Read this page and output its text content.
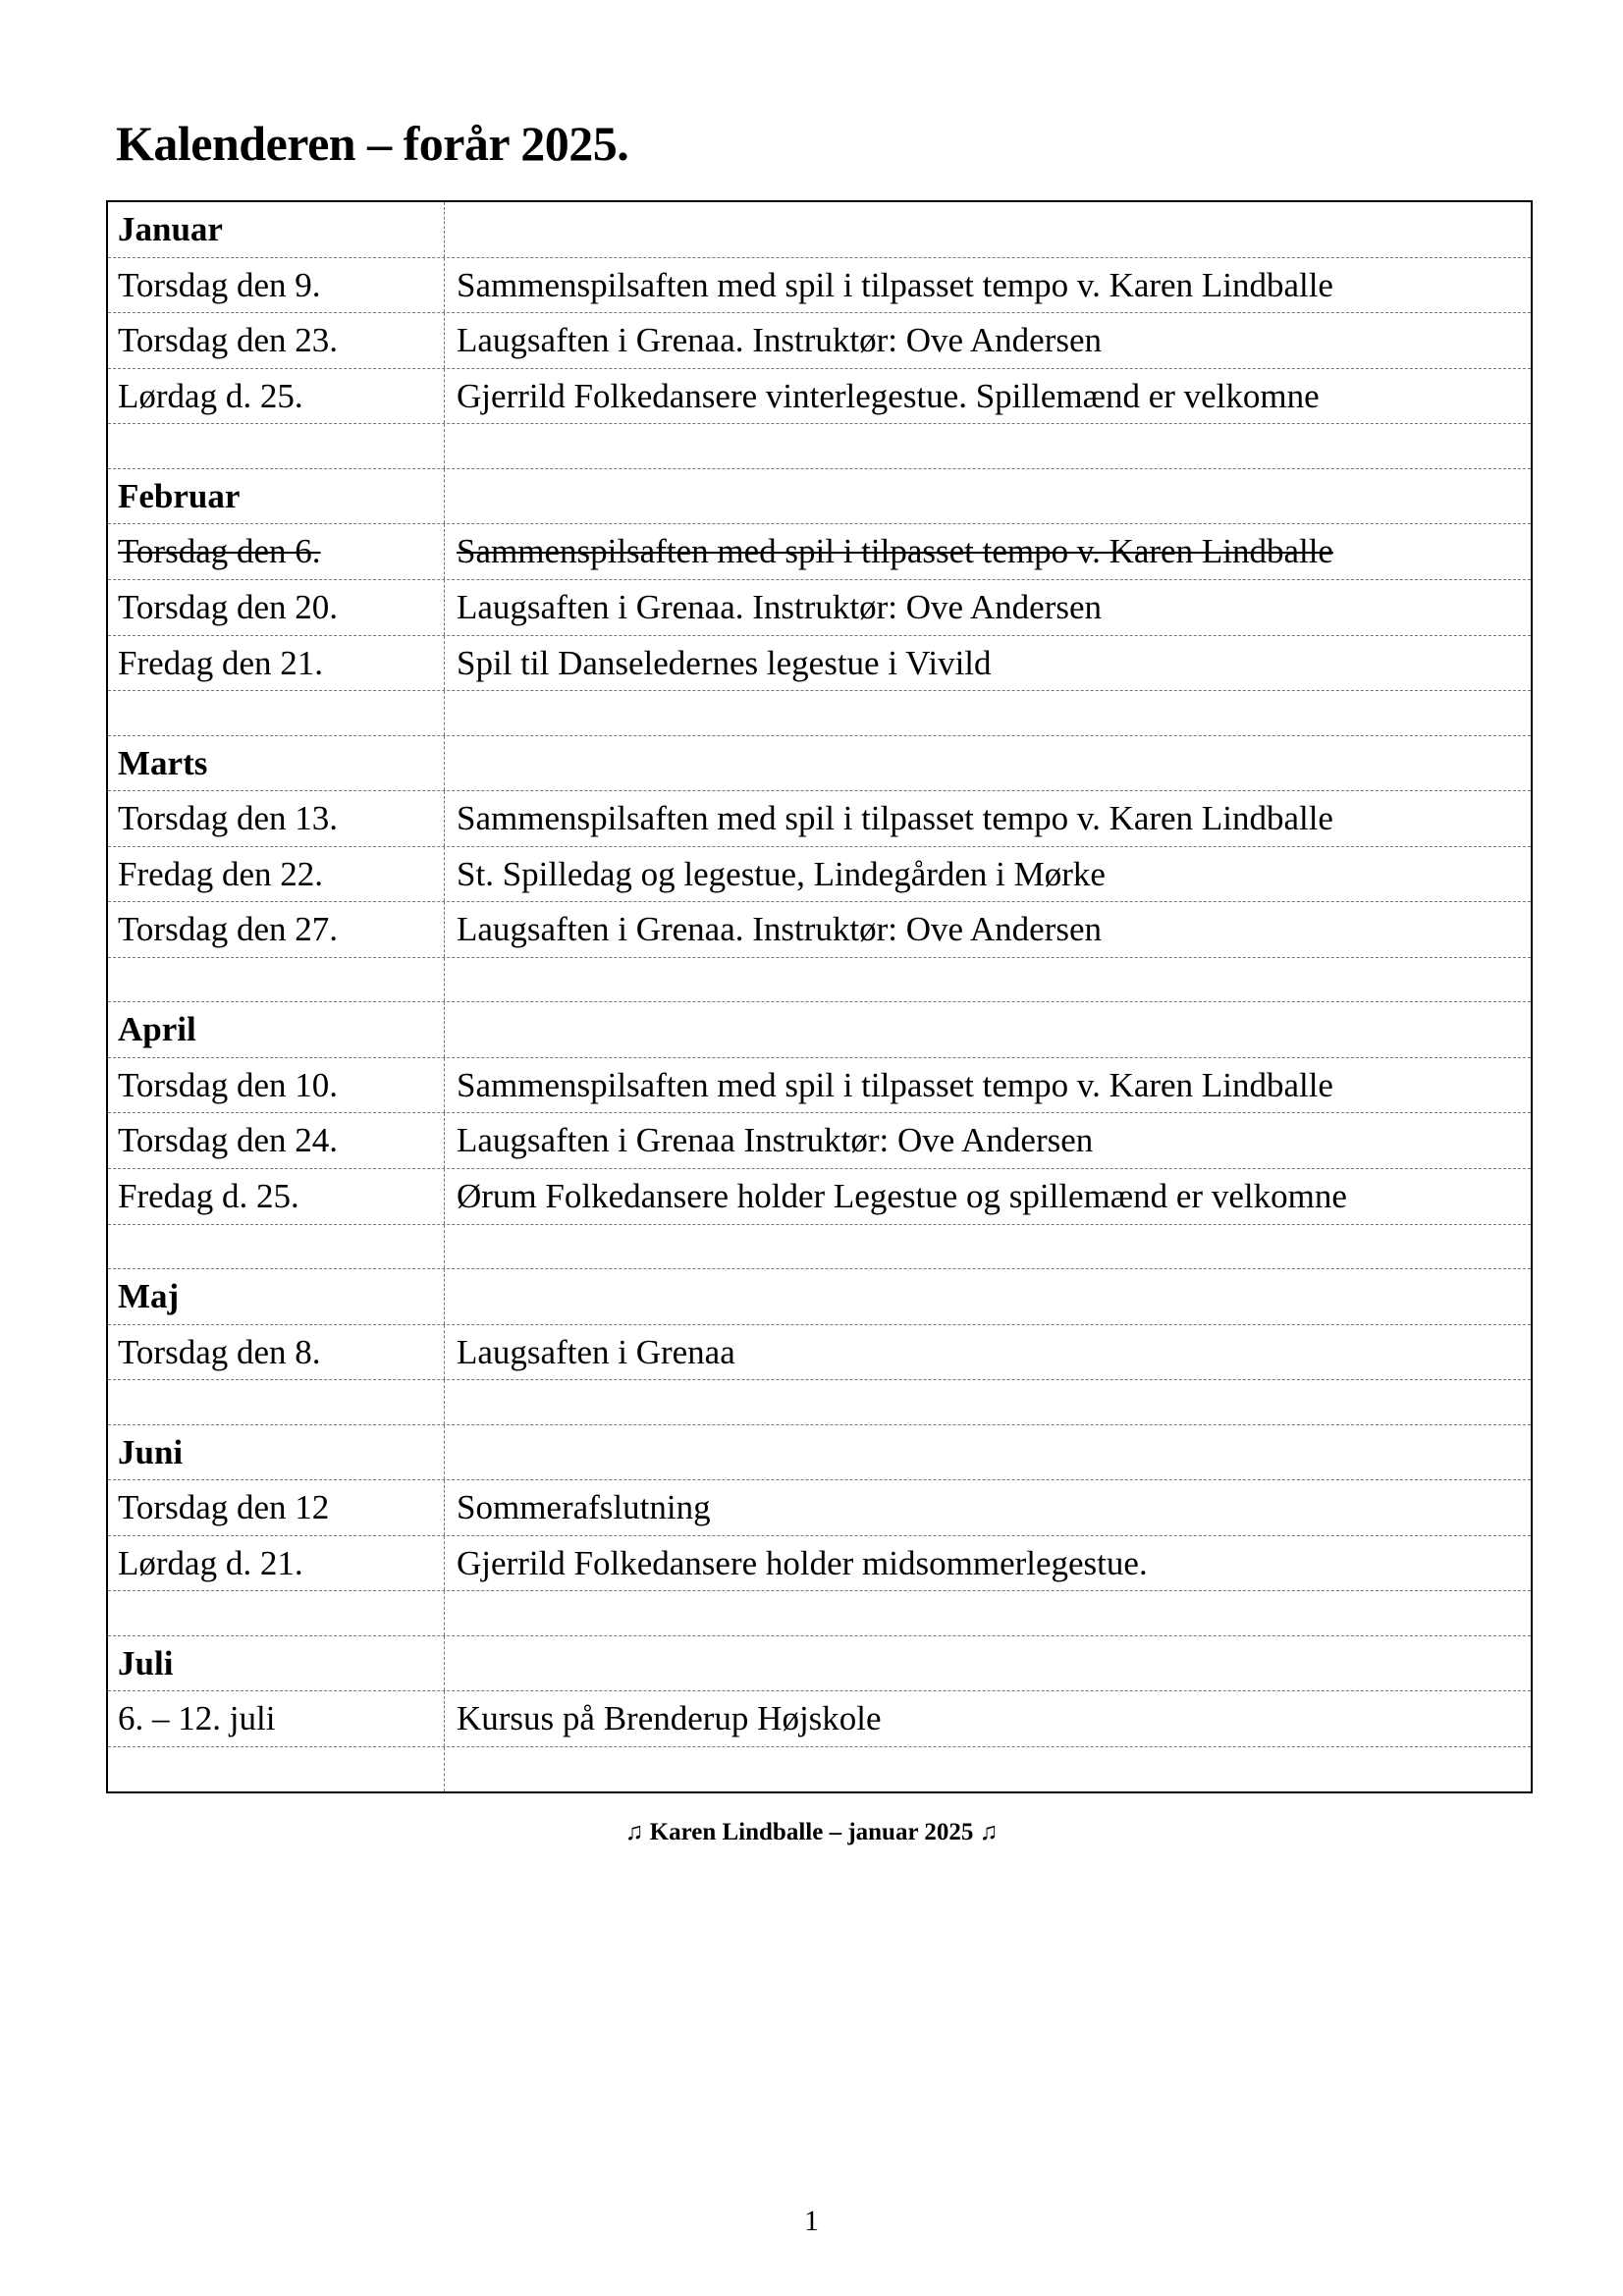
Kalenderen – forår 2025.
Januar
Torsdag den 9.	Sammenspilsaften med spil i tilpasset tempo v. Karen Lindballe
Torsdag den 23.	Laugsaften i Grenaa. Instruktør: Ove Andersen
Lørdag d. 25.	Gjerrild Folkedansere vinterlegestue. Spillemænd er velkomne
Februar
Torsdag den 6.	Sammenspilsaften med spil i tilpasset tempo v. Karen Lindballe
Torsdag den 20.	Laugsaften i Grenaa. Instruktør: Ove Andersen
Fredag den 21.	Spil til Danseledernes legestue i Vivild
Marts
Torsdag den 13.	Sammenspilsaften med spil i tilpasset tempo v. Karen Lindballe
Fredag den 22.	St. Spilledag og legestue, Lindegården i Mørke
Torsdag den 27.	Laugsaften i Grenaa. Instruktør: Ove Andersen
April
Torsdag den 10.	Sammenspilsaften med spil i tilpasset tempo v. Karen Lindballe
Torsdag den 24.	Laugsaften i Grenaa Instruktør: Ove Andersen
Fredag d. 25.	Ørum Folkedansere holder Legestue og spillemænd er velkomne
Maj
Torsdag den 8.	Laugsaften i Grenaa
Juni
Torsdag den 12	Sommerafslutning
Lørdag d. 21.	Gjerrild Folkedansere holder midsommerlegestue.
Juli
6. – 12. juli	Kursus på Brenderup Højskole
♫ Karen Lindballe – januar 2025 ♫
1
